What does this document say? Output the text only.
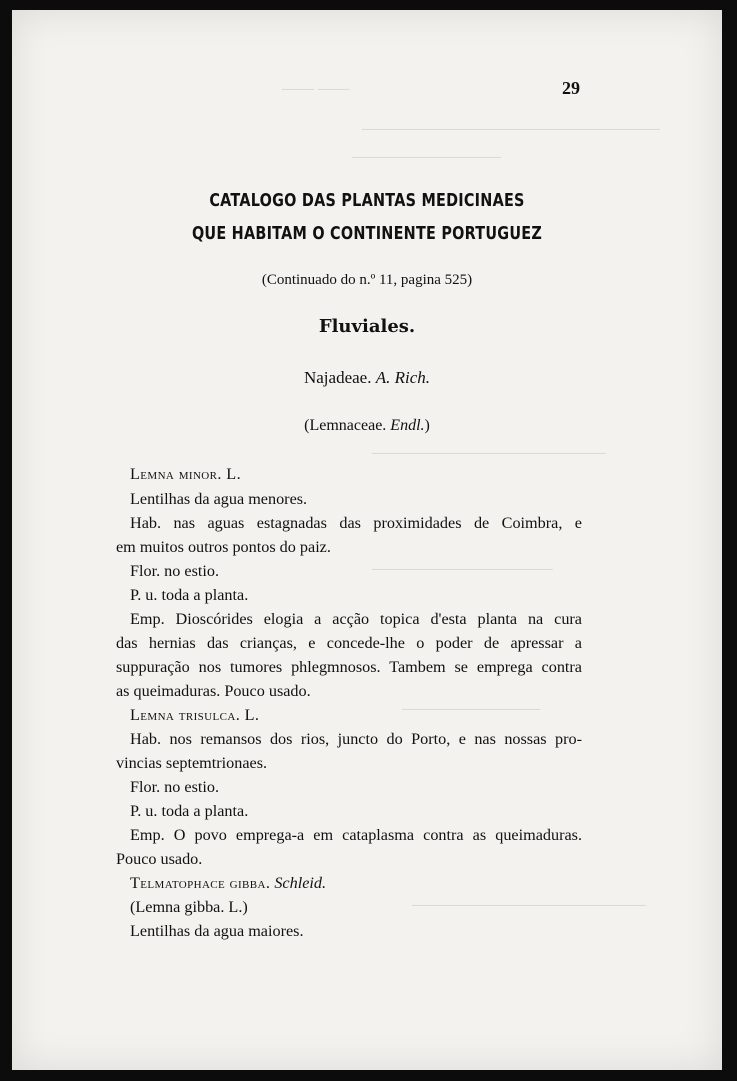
─── ───
────────────────────────────
──────────────
──────────────────────
─────────────────
─────────────
──────────────────────
29
CATALOGO DAS PLANTAS MEDICINAES
QUE HABITAM O CONTINENTE PORTUGUEZ
(Continuado do n.º 11, pagina 525)
Fluviales.
Najadeae. A. Rich.
(Lemnaceae. Endl.)
Lemna minor. L.
Lentilhas da agua menores.
Hab. nas aguas estagnadas das proximidades de Coimbra, e
em muitos outros pontos do paiz.
Flor. no estio.
P. u. toda a planta.
Emp. Dioscórides elogia a acção topica d'esta planta na cura
das hernias das crianças, e concede-lhe o poder de apressar a
suppuração nos tumores phlegmnosos. Tambem se emprega contra
as queimaduras. Pouco usado.
Lemna trisulca. L.
Hab. nos remansos dos rios, juncto do Porto, e nas nossas pro-
vincias septemtrionaes.
Flor. no estio.
P. u. toda a planta.
Emp. O povo emprega-a em cataplasma contra as queimaduras.
Pouco usado.
Telmatophace gibba. Schleid.
(Lemna gibba. L.)
Lentilhas da agua maiores.
